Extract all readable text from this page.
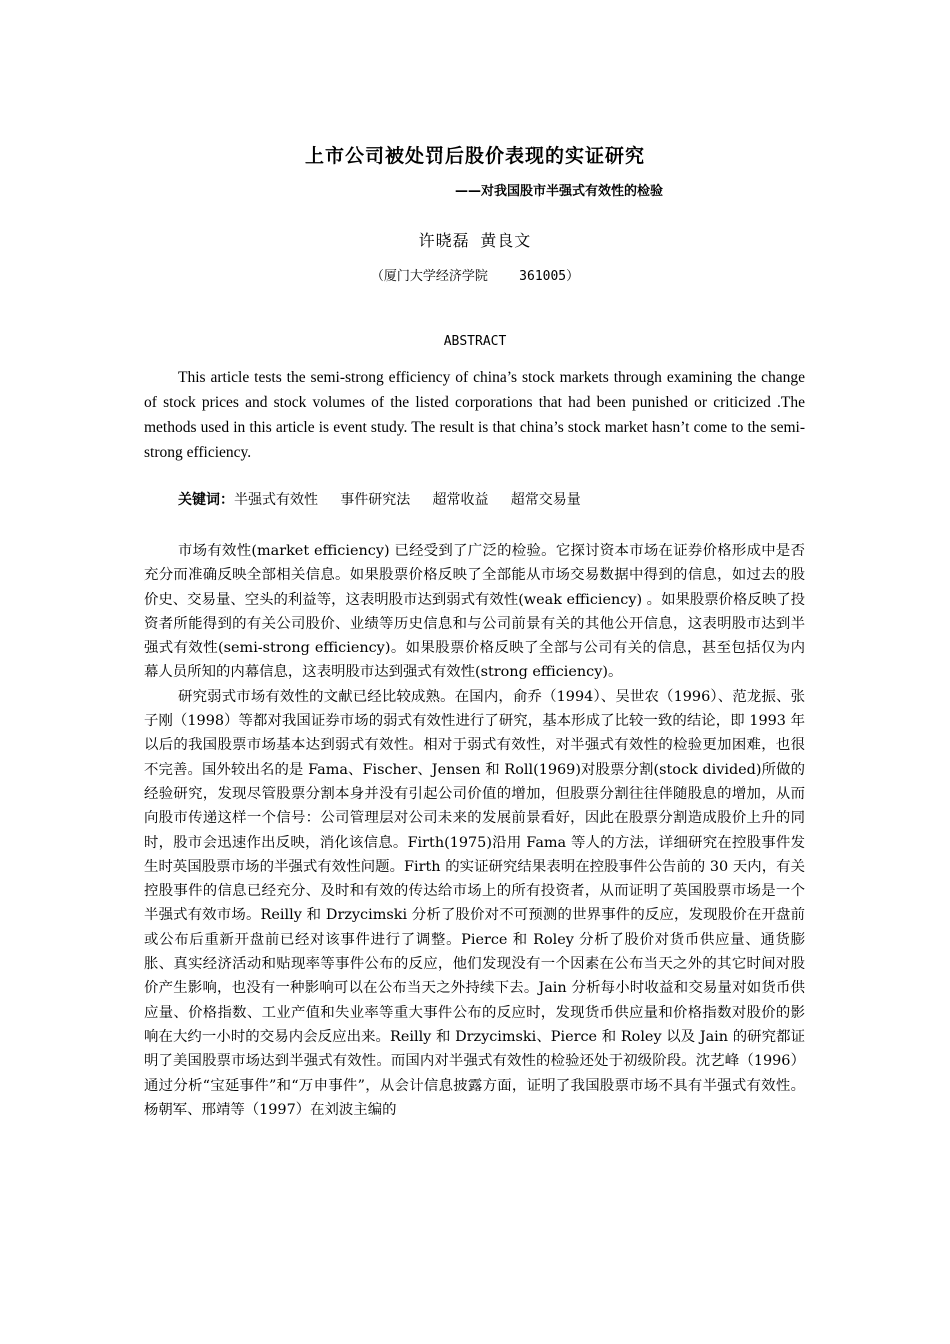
上市公司被处罚后股价表现的实证研究
——对我国股市半强式有效性的检验
许晓磊 黄良文
（厦门大学经济学院    361005）
ABSTRACT

This article tests the semi-strong efficiency of china’s stock markets through examining the change of stock prices and stock volumes of the listed corporations that had been punished or criticized .The methods used in this article is event study. The result is that china’s stock market hasn’t come to the semi-strong efficiency.

关键词：半强式有效性     事件研究法     超常收益     超常交易量

市场有效性(market efficiency) 已经受到了广泛的检验。它探讨资本市场在证券价格形成中是否充分而准确反映全部相关信息。如果股票价格反映了全部能从市场交易数据中得到的信息，如过去的股价史、交易量、空头的利益等，这表明股市达到弱式有效性(weak efficiency) 。如果股票价格反映了投资者所能得到的有关公司股价、业绩等历史信息和与公司前景有关的其他公开信息，这表明股市达到半强式有效性(semi-strong efficiency)。如果股票价格反映了全部与公司有关的信息，甚至包括仅为内幕人员所知的内幕信息，这表明股市达到强式有效性(strong efficiency)。

研究弱式市场有效性的文献已经比较成熟。在国内，俞乔（1994）、吴世农（1996）、范龙振、张子刚（1998）等都对我国证券市场的弱式有效性进行了研究，基本形成了比较一致的结论，即 1993 年以后的我国股票市场基本达到弱式有效性。相对于弱式有效性，对半强式有效性的检验更加困难，也很不完善。国外较出名的是 Fama、Fischer、Jensen 和 Roll(1969)对股票分割(stock divided)所做的经验研究，发现尽管股票分割本身并没有引起公司价值的增加，但股票分割往往伴随股息的增加，从而向股市传递这样一个信号：公司管理层对公司未来的发展前景看好，因此在股票分割造成股价上升的同时，股市会迅速作出反映，消化该信息。Firth(1975)沿用 Fama 等人的方法，详细研究在控股事件发生时英国股票市场的半强式有效性问题。Firth 的实证研究结果表明在控股事件公告前的 30 天内，有关控股事件的信息已经充分、及时和有效的传达给市场上的所有投资者，从而证明了英国股票市场是一个半强式有效市场。Reilly 和 Drzycimski 分析了股价对不可预测的世界事件的反应，发现股价在开盘前或公布后重新开盘前已经对该事件进行了调整。Pierce 和 Roley 分析了股价对货币供应量、通货膨胀、真实经济活动和贴现率等事件公布的反应，他们发现没有一个因素在公布当天之外的其它时间对股价产生影响，也没有一种影响可以在公布当天之外持续下去。Jain 分析每小时收益和交易量对如货币供应量、价格指数、工业产值和失业率等重大事件公布的反应时，发现货币供应量和价格指数对股价的影响在大约一小时的交易内会反应出来。Reilly 和 Drzycimski、Pierce 和 Roley 以及 Jain 的研究都证明了美国股票市场达到半强式有效性。而国内对半强式有效性的检验还处于初级阶段。沈艺峰（1996）通过分析“宝延事件”和“万申事件”，从会计信息披露方面，证明了我国股票市场不具有半强式有效性。杨朝军、邢靖等（1997）在刘波主编的
